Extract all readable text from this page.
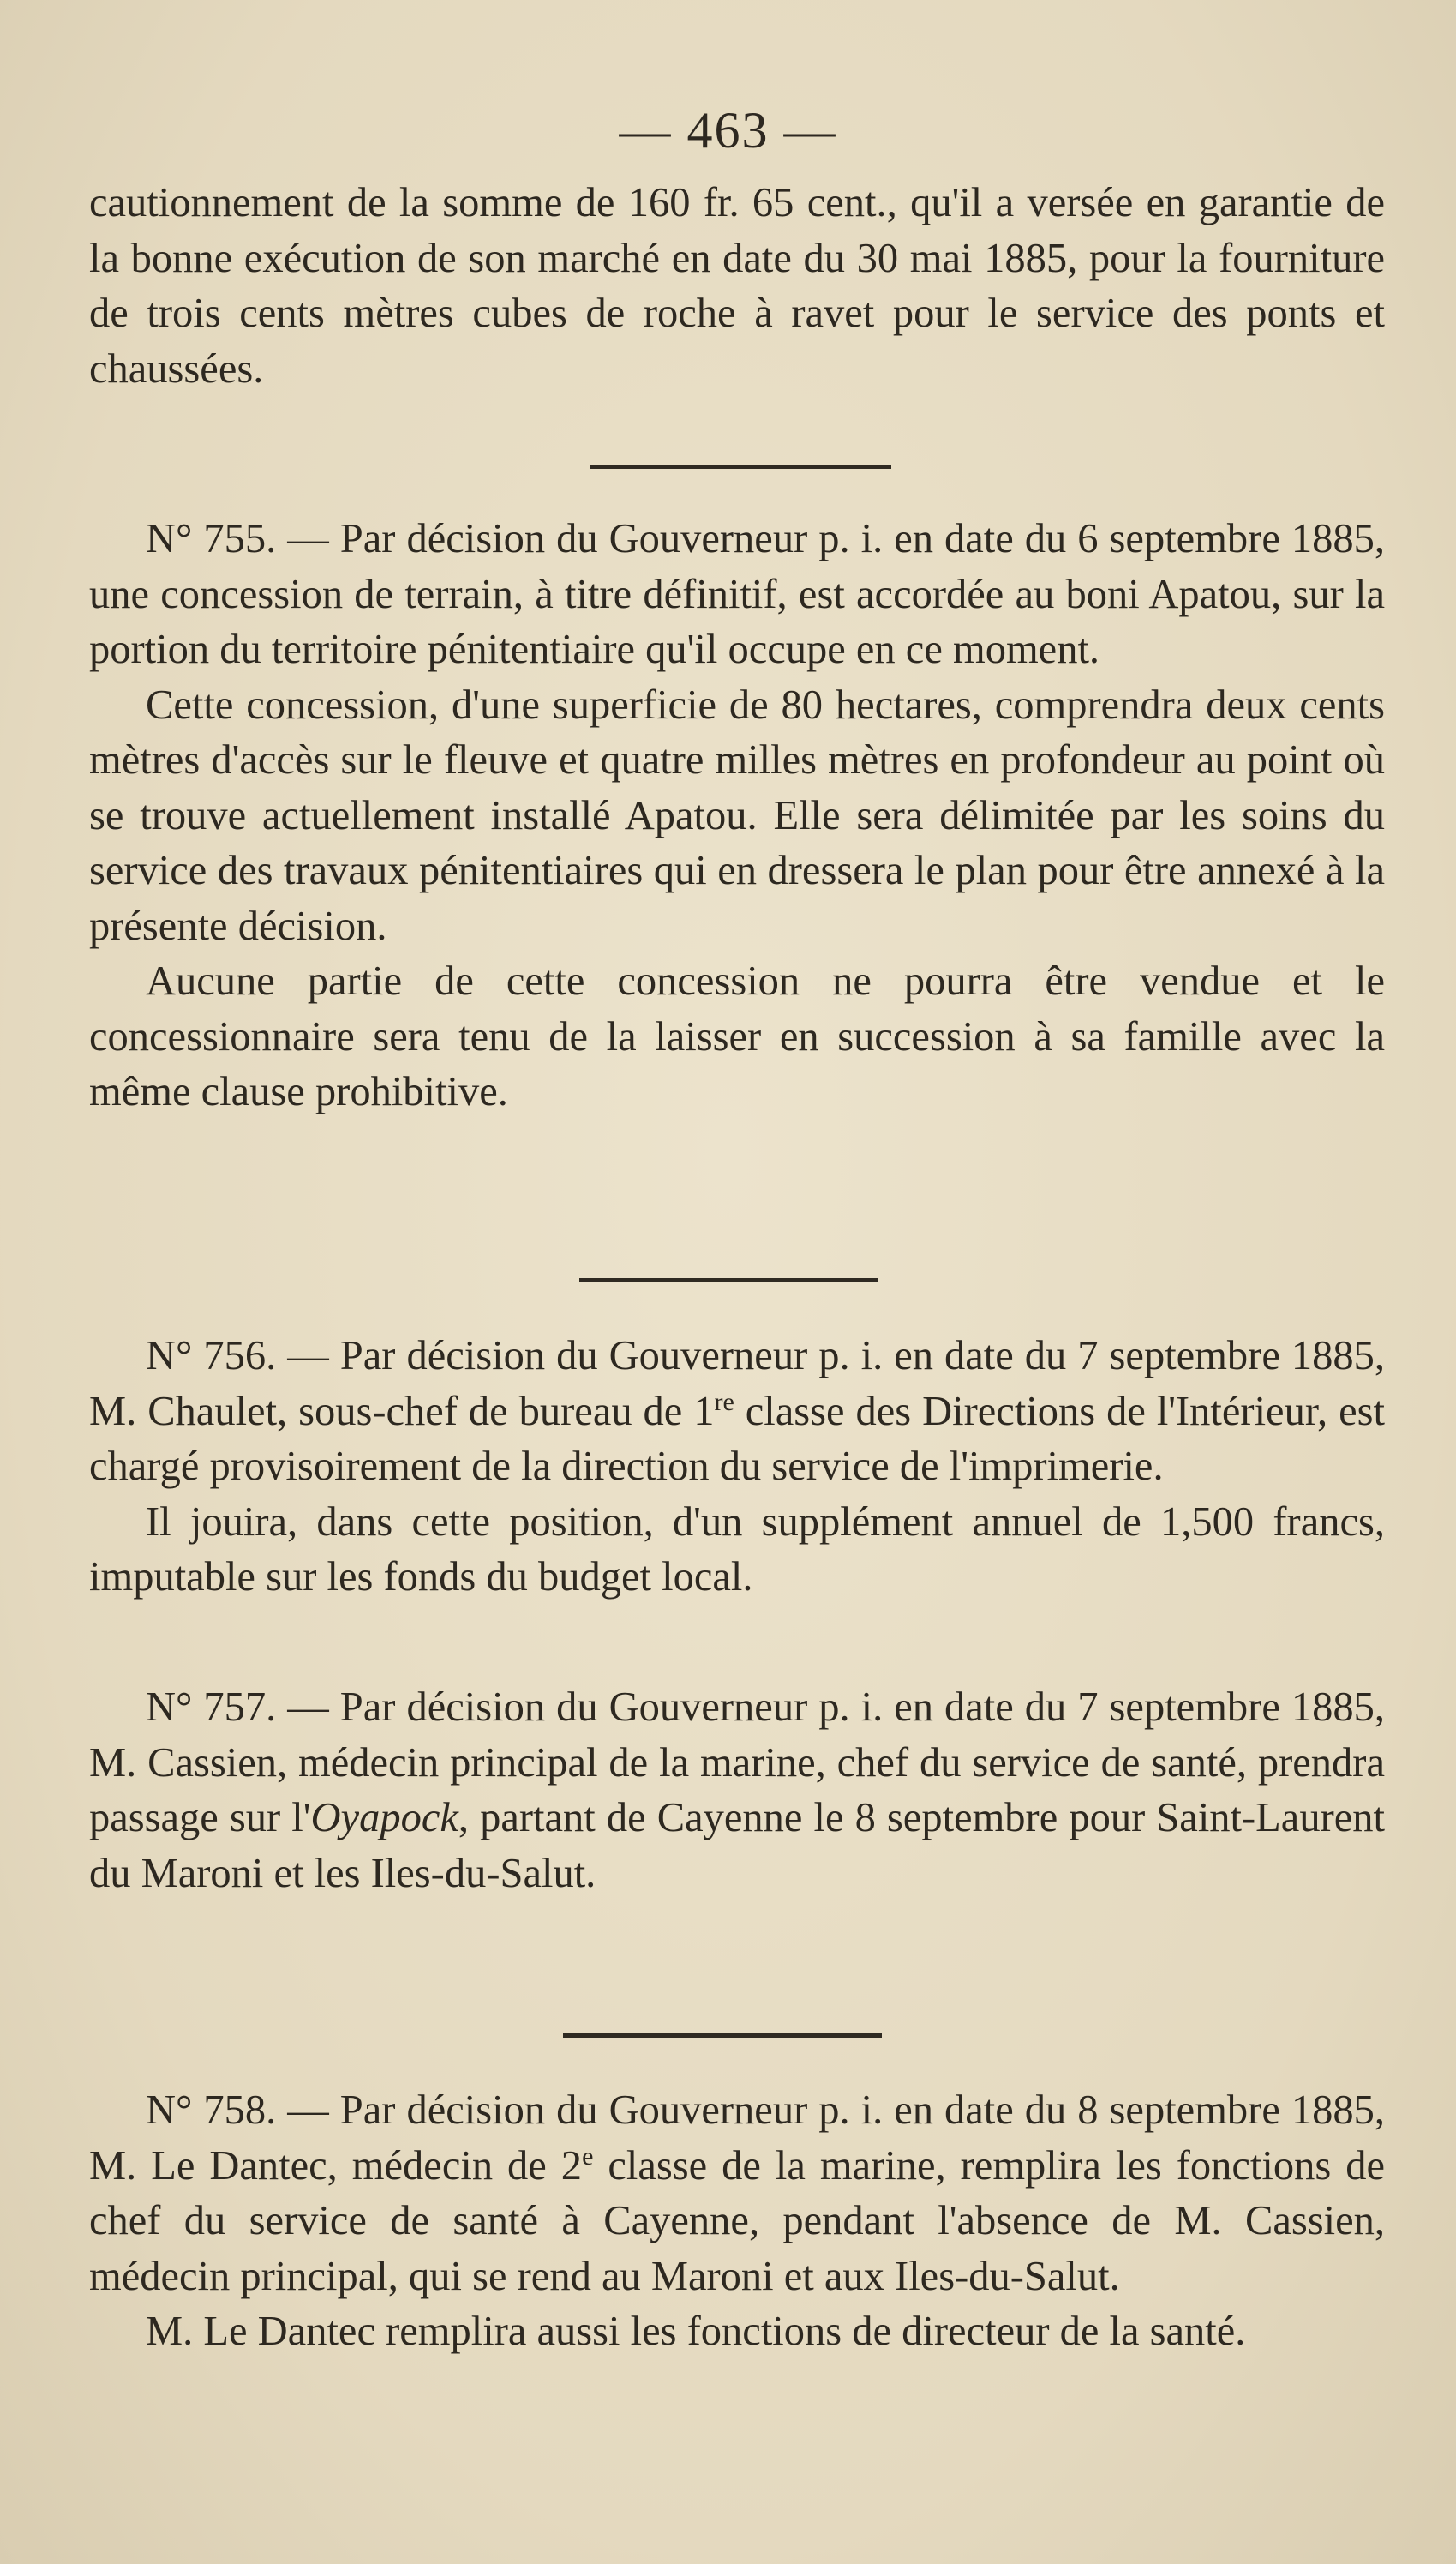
— 463 —

cautionnement de la somme de 160 fr. 65 cent., qu'il a versée en garantie de la bonne exécution de son marché en date du 30 mai 1885, pour la fourniture de trois cents mètres cubes de roche à ravet pour le service des ponts et chaussées.

N° 755. — Par décision du Gouverneur p. i. en date du 6 septembre 1885, une concession de terrain, à titre définitif, est accordée au boni Apatou, sur la portion du territoire pénitentiaire qu'il occupe en ce moment.

Cette concession, d'une superficie de 80 hectares, comprendra deux cents mètres d'accès sur le fleuve et quatre milles mètres en profondeur au point où se trouve actuellement installé Apatou. Elle sera délimitée par les soins du service des travaux pénitentiaires qui en dressera le plan pour être annexé à la présente décision.

Aucune partie de cette concession ne pourra être vendue et le concessionnaire sera tenu de la laisser en succession à sa famille avec la même clause prohibitive.

N° 756. — Par décision du Gouverneur p. i. en date du 7 septembre 1885, M. Chaulet, sous-chef de bureau de 1re classe des Directions de l'Intérieur, est chargé provisoirement de la direction du service de l'imprimerie.

Il jouira, dans cette position, d'un supplément annuel de 1,500 francs, imputable sur les fonds du budget local.

N° 757. — Par décision du Gouverneur p. i. en date du 7 septembre 1885, M. Cassien, médecin principal de la marine, chef du service de santé, prendra passage sur l'Oyapock, partant de Cayenne le 8 septembre pour Saint-Laurent du Maroni et les Iles-du-Salut.

N° 758. — Par décision du Gouverneur p. i. en date du 8 septembre 1885, M. Le Dantec, médecin de 2e classe de la marine, remplira les fonctions de chef du service de santé à Cayenne, pendant l'absence de M. Cassien, médecin principal, qui se rend au Maroni et aux Iles-du-Salut.

M. Le Dantec remplira aussi les fonctions de directeur de la santé.
